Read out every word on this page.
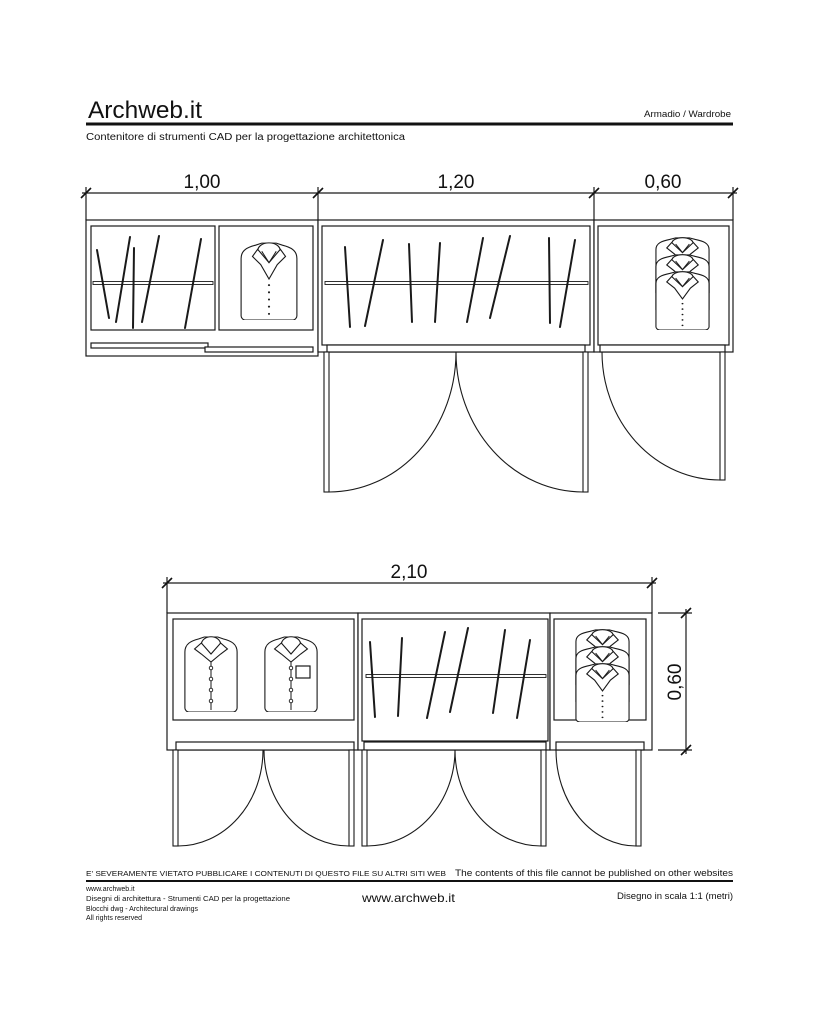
Archweb.it	Armadio / Wardrobe
Contenitore di strumenti CAD per la progettazione architettonica
1,00	1,20	0,60
2,10
0,60
E' SEVERAMENTE VIETATO PUBBLICARE I CONTENUTI DI QUESTO FILE SU ALTRI SITI WEB The contents of this file cannot be published on other websites
www.archweb.it
Disegni di architettura - Strumenti CAD per la progettazione
Blocchi dwg - Architectural drawings
All rights reserved
www.archweb.it	Disegno in scala 1:1 (metri)
